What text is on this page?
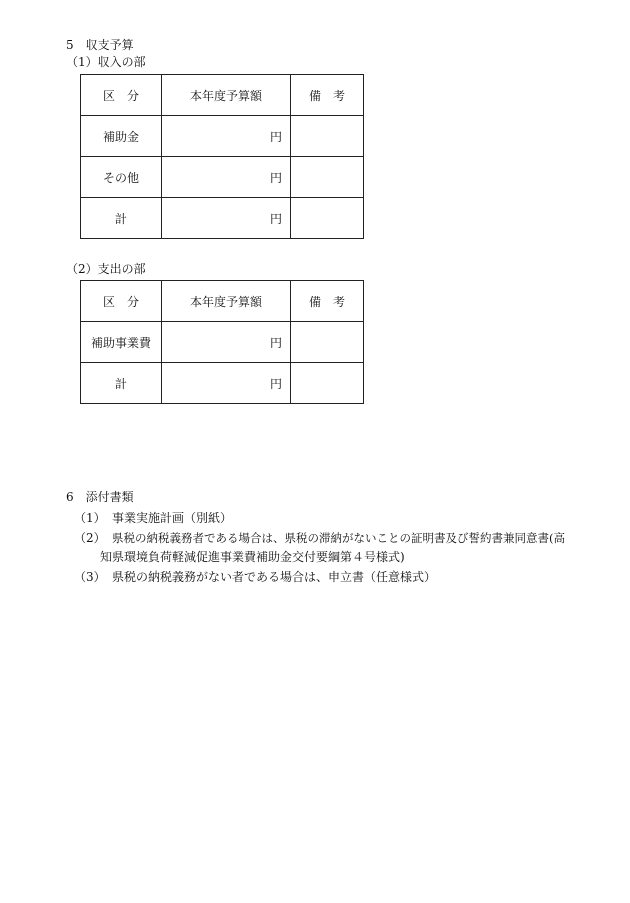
5　収支予算
（1）収入の部
区　分	本年度予算額	備　考
補助金	円	
その他	円	
計	円	
（2）支出の部
区　分	本年度予算額	備　考
補助事業費	円	
計	円	
6　添付書類
（1） 事業実施計画（別紙）
（2） 県税の納税義務者である場合は、県税の滞納がないことの証明書及び誓約書兼同意書(高
知県環境負荷軽減促進事業費補助金交付要綱第４号様式)
（3） 県税の納税義務がない者である場合は、申立書（任意様式）
